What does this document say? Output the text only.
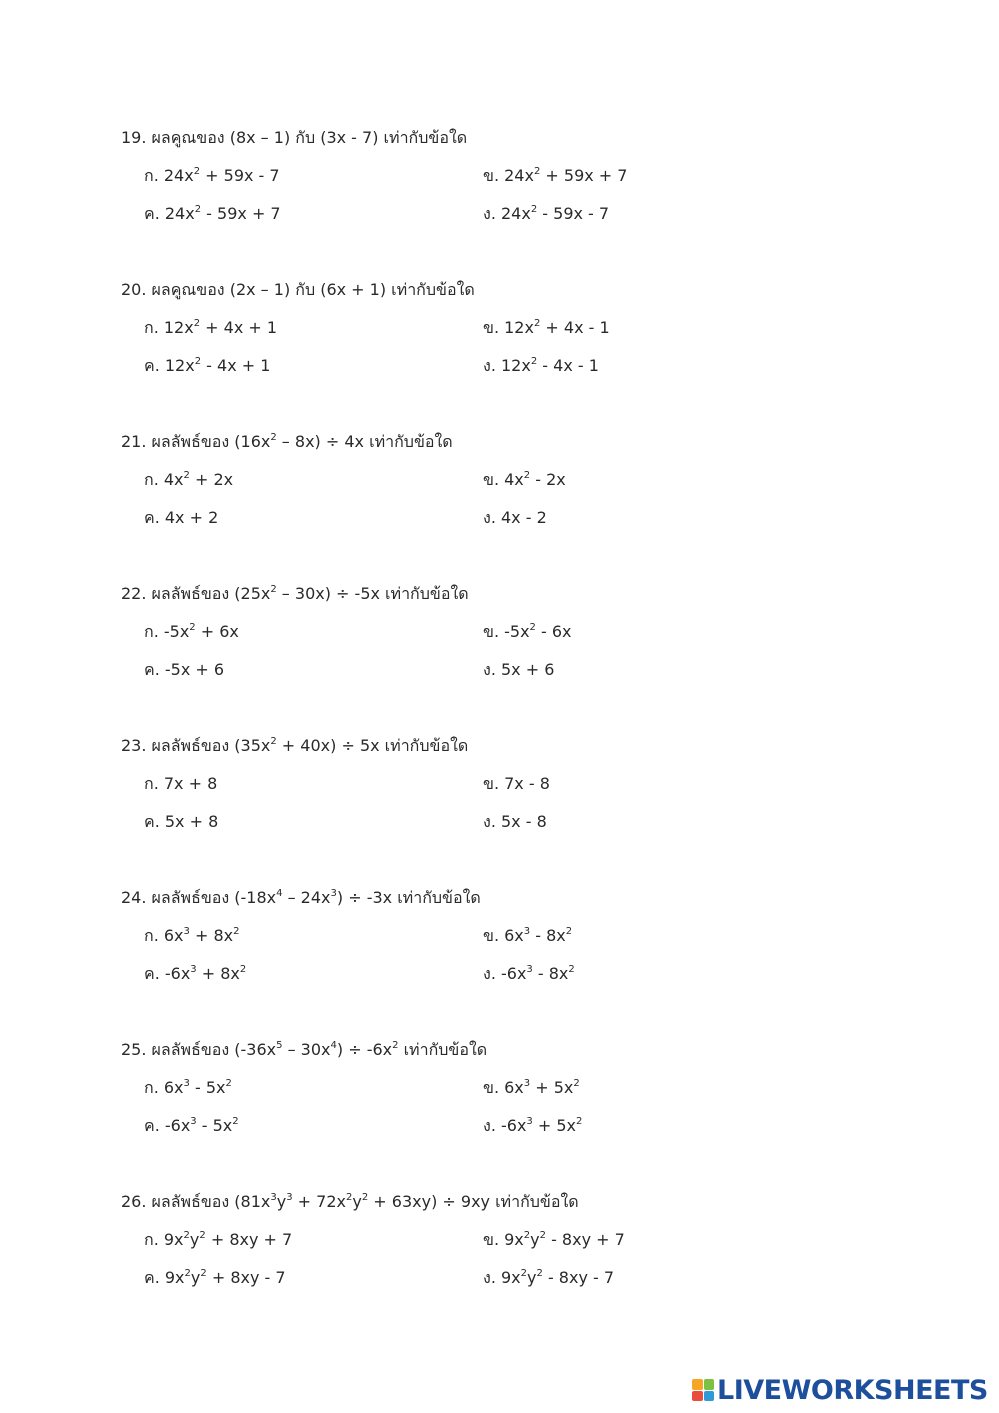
19. ผลคูณของ (8x – 1) กับ (3x - 7) เท่ากับข้อใด
ก. $24x^2 + 59x - 7$	ข. $24x^2 + 59x + 7$
ค. $24x^2 - 59x + 7$	ง. $24x^2 - 59x - 7$
20. ผลคูณของ (2x – 1) กับ (6x + 1) เท่ากับข้อใด
ก. $12x^2 + 4x + 1$	ข. $12x^2 + 4x - 1$
ค. $12x^2 - 4x + 1$	ง. $12x^2 - 4x - 1$
21. ผลลัพธ์ของ $(16x^2 - 8x) \div 4x$ เท่ากับข้อใด
ก. $4x^2 + 2x$	ข. $4x^2 - 2x$
ค. 4x + 2	ง. 4x - 2
22. ผลลัพธ์ของ $(25x^2 - 30x) \div -5x$ เท่ากับข้อใด
ก. $-5x^2 + 6x$	ข. $-5x^2 - 6x$
ค. -5x + 6	ง. 5x + 6
23. ผลลัพธ์ของ $(35x^2 + 40x) \div 5x$ เท่ากับข้อใด
ก. 7x + 8	ข. 7x - 8
ค. 5x + 8	ง. 5x - 8
24. ผลลัพธ์ของ $(-18x^4 - 24x^3) \div -3x$ เท่ากับข้อใด
ก. $6x^3 + 8x^2$	ข. $6x^3 - 8x^2$
ค. $-6x^3 + 8x^2$	ง. $-6x^3 - 8x^2$
25. ผลลัพธ์ของ $(-36x^5 - 30x^4) \div -6x^2$ เท่ากับข้อใด
ก. $6x^3 - 5x^2$	ข. $6x^3 + 5x^2$
ค. $-6x^3 - 5x^2$	ง. $-6x^3 + 5x^2$
26. ผลลัพธ์ของ $(81x^3y^3 + 72x^2y^2 + 63xy) \div 9xy$ เท่ากับข้อใด
ก. $9x^2y^2 + 8xy + 7$	ข. $9x^2y^2 - 8xy + 7$
ค. $9x^2y^2 + 8xy - 7$	ง. $9x^2y^2 - 8xy - 7$
LIVEWORKSHEETS
